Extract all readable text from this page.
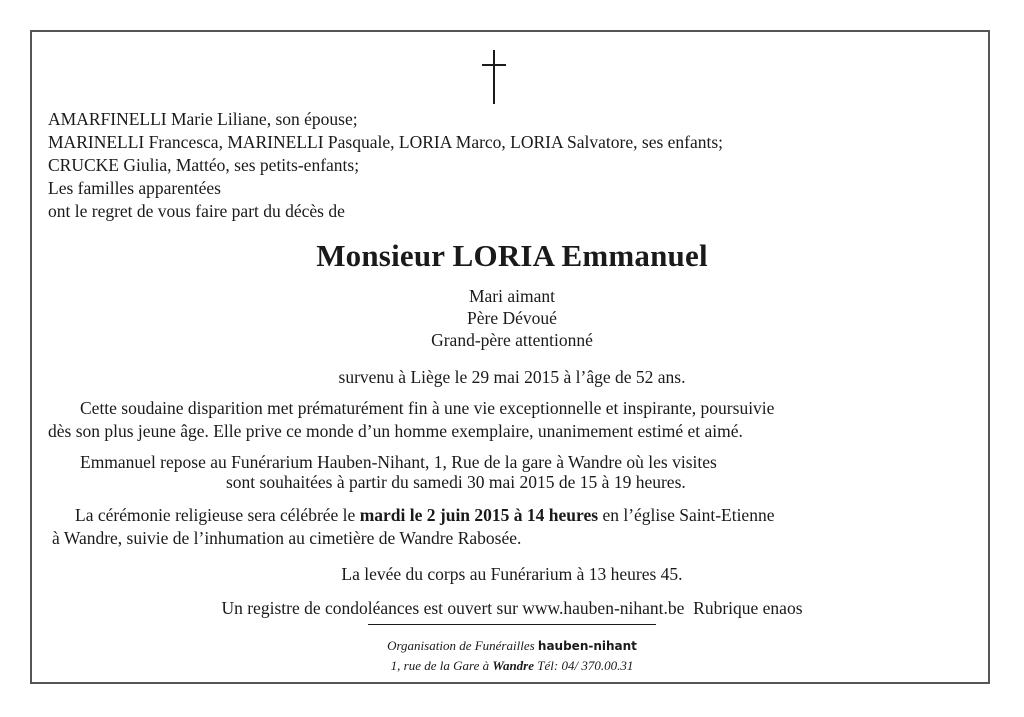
AMARFINELLI Marie Liliane, son épouse;
MARINELLI Francesca, MARINELLI Pasquale, LORIA Marco, LORIA Salvatore, ses enfants;
CRUCKE Giulia, Mattéo, ses petits-enfants;
Les familles apparentées
ont le regret de vous faire part du décès de
Monsieur LORIA Emmanuel
Mari aimant
Père Dévoué
Grand-père attentionné
survenu à Liège le 29 mai 2015 à l’âge de 52 ans.
Cette soudaine disparition met prématurément fin à une vie exceptionnelle et inspirante, poursuivie
dès son plus jeune âge. Elle prive ce monde d’un homme exemplaire, unanimement estimé et aimé.
Emmanuel repose au Funérarium Hauben-Nihant, 1, Rue de la gare à Wandre où les visites
sont souhaitées à partir du samedi 30 mai 2015 de 15 à 19 heures.
La cérémonie religieuse sera célébrée le mardi le 2 juin 2015 à 14 heures en l’église Saint-Etienne
à Wandre, suivie de l’inhumation au cimetière de Wandre Rabosée.
La levée du corps au Funérarium à 13 heures 45.
Un registre de condoléances est ouvert sur www.hauben-nihant.be  Rubrique enaos
Organisation de Funérailles hauben-nihant
1, rue de la Gare à Wandre Tél: 04/ 370.00.31
